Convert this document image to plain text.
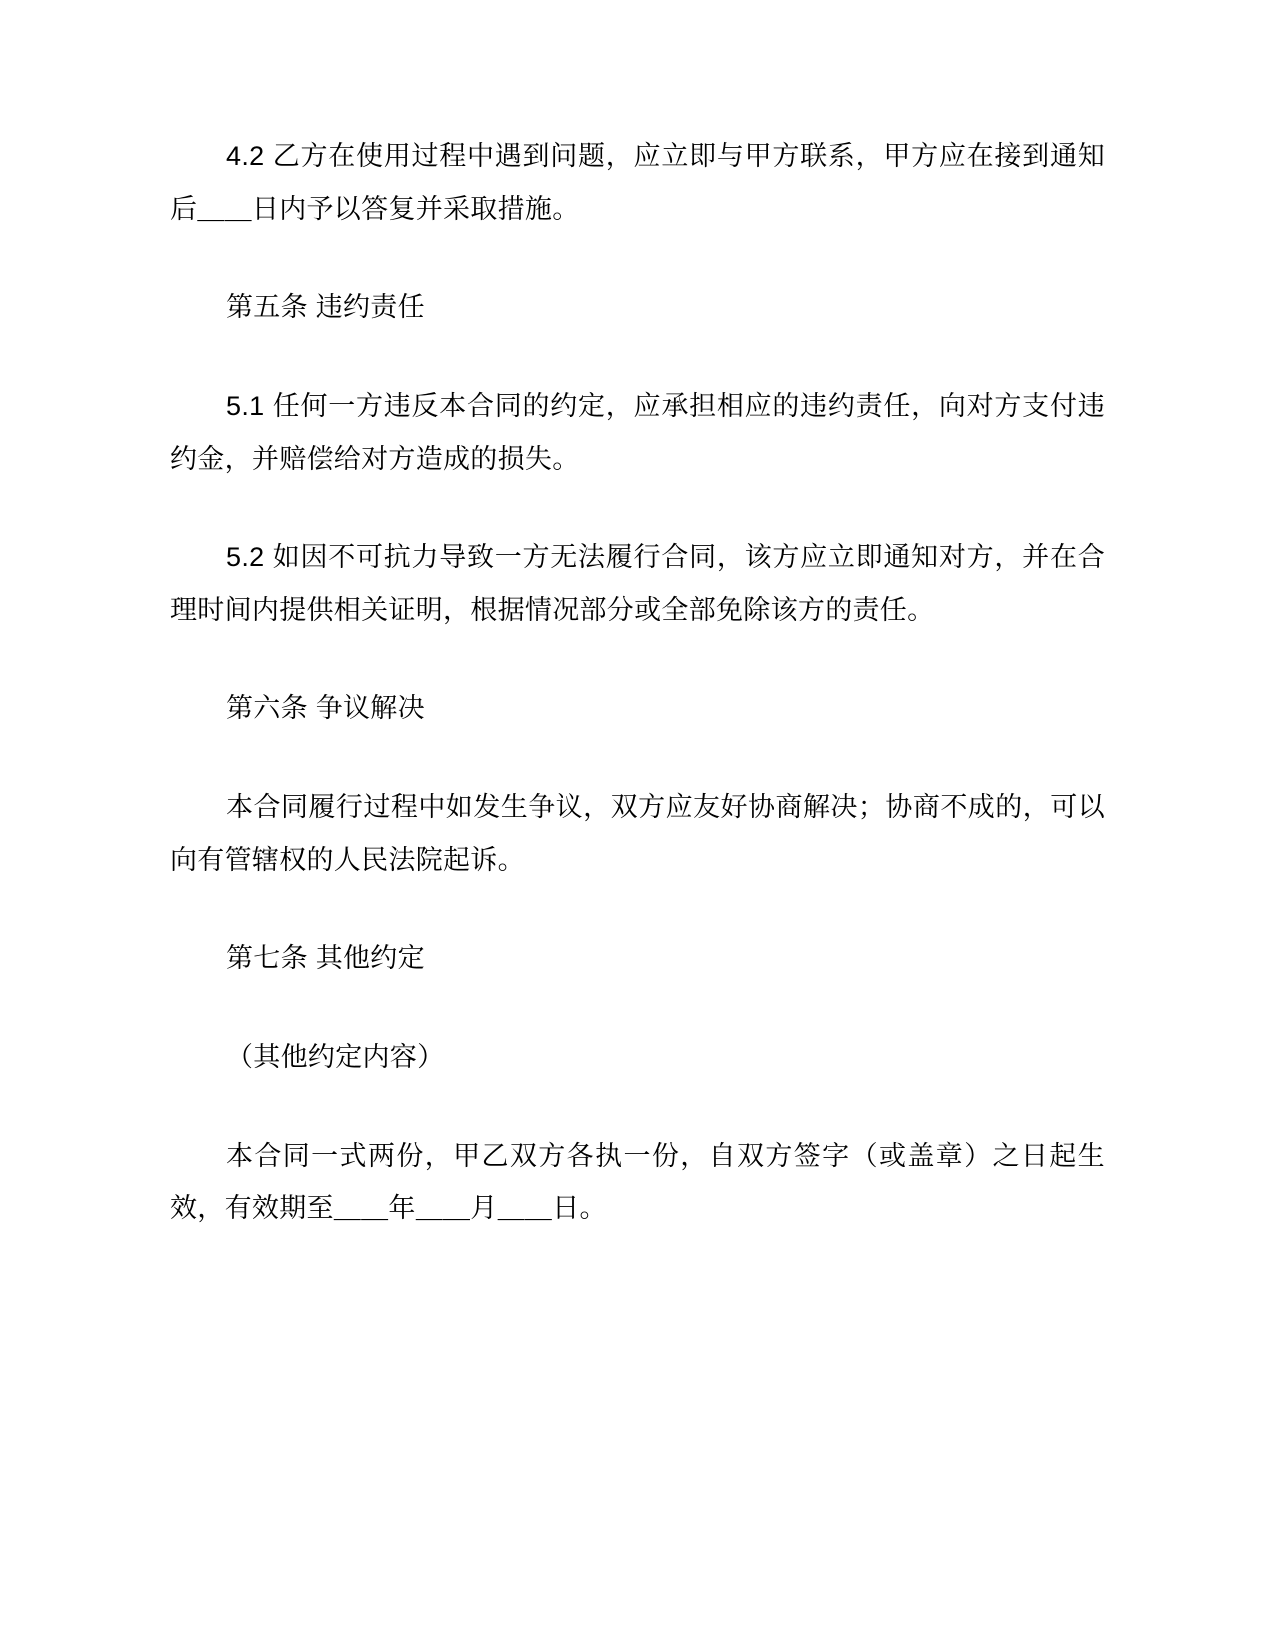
4.2 乙方在使用过程中遇到问题，应立即与甲方联系，甲方应在接到通知后＿＿日内予以答复并采取措施。

第五条 违约责任

5.1 任何一方违反本合同的约定，应承担相应的违约责任，向对方支付违约金，并赔偿给对方造成的损失。

5.2 如因不可抗力导致一方无法履行合同，该方应立即通知对方，并在合理时间内提供相关证明，根据情况部分或全部免除该方的责任。

第六条 争议解决

本合同履行过程中如发生争议，双方应友好协商解决；协商不成的，可以向有管辖权的人民法院起诉。

第七条 其他约定

（其他约定内容）

本合同一式两份，甲乙双方各执一份，自双方签字（或盖章）之日起生效，有效期至＿＿年＿＿月＿＿日。
